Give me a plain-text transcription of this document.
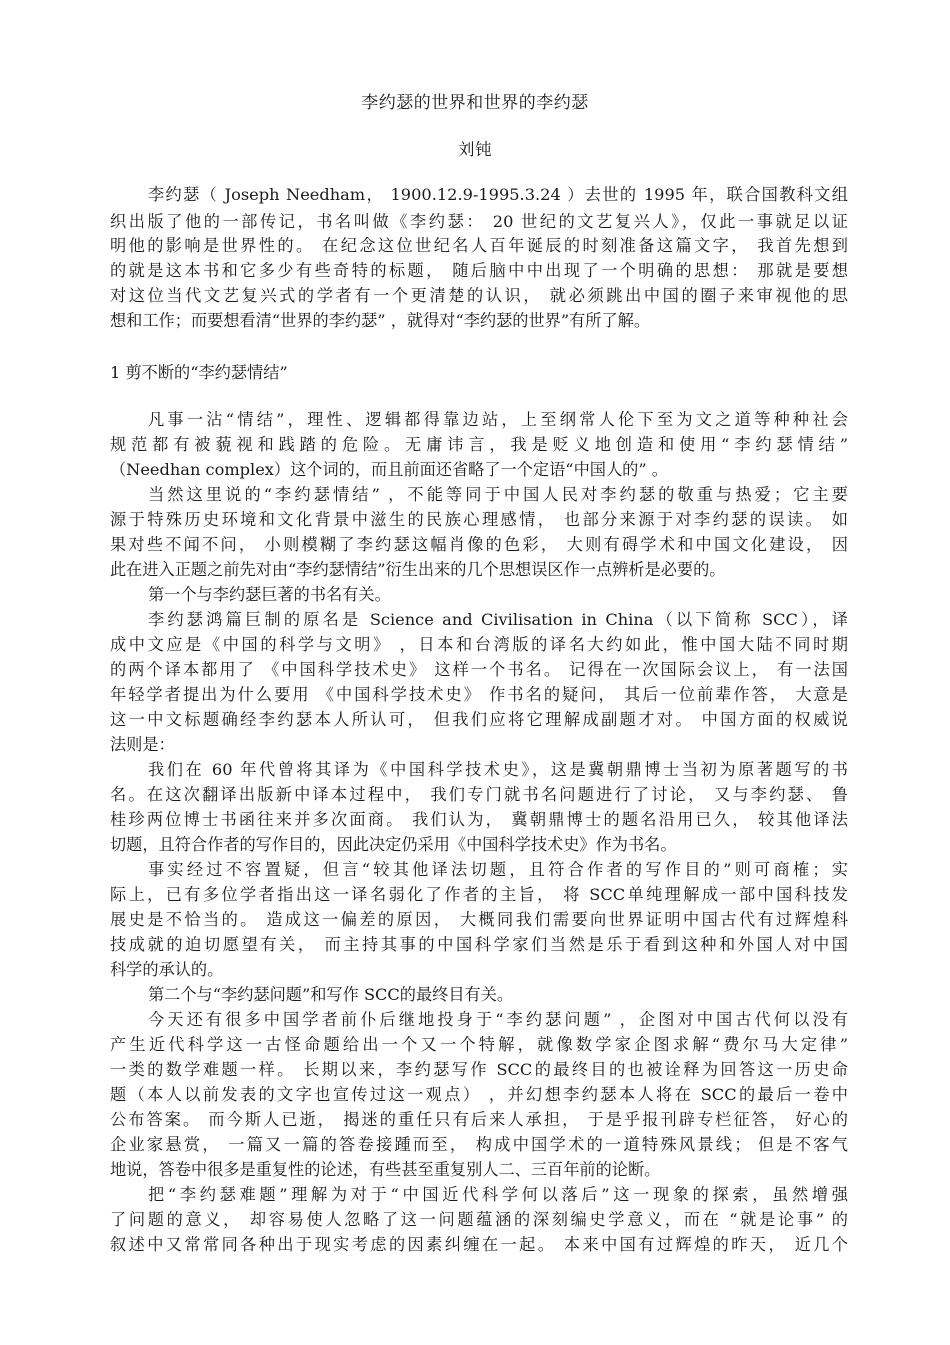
李约瑟的世界和世界的李约瑟
刘钝
李约瑟（ Joseph Needham， 1900.12.9-1995.3.24 ）去世的 1995 年，联合国教科文组
织出版了他的一部传记，书名叫做《李约瑟： 20 世纪的文艺复兴人》，仅此一事就足以证
明他的影响是世界性的。 在纪念这位世纪名人百年诞辰的时刻准备这篇文字， 我首先想到
的就是这本书和它多少有些奇特的标题， 随后脑中中出现了一个明确的思想： 那就是要想
对这位当代文艺复兴式的学者有一个更清楚的认识， 就必须跳出中国的圈子来审视他的思
想和工作；而要想看清“世界的李约瑟” ，就得对“李约瑟的世界”有所了解。
1 剪不断的“李约瑟情结”
凡事一沾“情结”，理性、逻辑都得靠边站，上至纲常人伦下至为文之道等种种社会
规范都有被藐视和践踏的危险。无庸讳言，我是贬义地创造和使用“李约瑟情结”
（Needhan complex）这个词的，而且前面还省略了一个定语“中国人的” 。
当然这里说的“李约瑟情结” ，不能等同于中国人民对李约瑟的敬重与热爱；它主要
源于特殊历史环境和文化背景中滋生的民族心理感情， 也部分来源于对李约瑟的误读。 如
果对些不闻不问， 小则模糊了李约瑟这幅肖像的色彩， 大则有碍学术和中国文化建设， 因
此在进入正题之前先对由“李约瑟情结”衍生出来的几个思想误区作一点辨析是必要的。
第一个与李约瑟巨著的书名有关。
李约瑟鸿篇巨制的原名是 Science and Civilisation in China（以下简称 SCC），译
成中文应是《中国的科学与文明》 ，日本和台湾版的译名大约如此，惟中国大陆不同时期
的两个译本都用了 《中国科学技术史》 这样一个书名。 记得在一次国际会议上， 有一法国
年轻学者提出为什么要用 《中国科学技术史》 作书名的疑问， 其后一位前辈作答， 大意是
这一中文标题确经李约瑟本人所认可， 但我们应将它理解成副题才对。 中国方面的权威说
法则是：
我们在 60 年代曾将其译为《中国科学技术史》，这是冀朝鼎博士当初为原著题写的书
名。在这次翻译出版新中译本过程中， 我们专门就书名问题进行了讨论， 又与李约瑟、 鲁
桂珍两位博士书函往来并多次面商。 我们认为， 冀朝鼎博士的题名沿用已久， 较其他译法
切题，且符合作者的写作目的，因此决定仍采用《中国科学技术史》作为书名。
事实经过不容置疑，但言“较其他译法切题，且符合作者的写作目的”则可商榷；实
际上，已有多位学者指出这一译名弱化了作者的主旨， 将 SCC单纯理解成一部中国科技发
展史是不恰当的。 造成这一偏差的原因， 大概同我们需要向世界证明中国古代有过辉煌科
技成就的迫切愿望有关， 而主持其事的中国科学家们当然是乐于看到这种和外国人对中国
科学的承认的。
第二个与“李约瑟问题”和写作 SCC的最终目有关。
今天还有很多中国学者前仆后继地投身于“李约瑟问题” ，企图对中国古代何以没有
产生近代科学这一古怪命题给出一个又一个特解，就像数学家企图求解“费尔马大定律”
一类的数学难题一样。 长期以来，李约瑟写作 SCC的最终目的也被诠释为回答这一历史命
题（本人以前发表的文字也宣传过这一观点） ，并幻想李约瑟本人将在 SCC的最后一卷中
公布答案。 而今斯人已逝， 揭迷的重任只有后来人承担， 于是乎报刊辟专栏征答， 好心的
企业家悬赏， 一篇又一篇的答卷接踵而至， 构成中国学术的一道特殊风景线； 但是不客气
地说，答卷中很多是重复性的论述，有些甚至重复别人二、三百年前的论断。
把“李约瑟难题”理解为对于“中国近代科学何以落后”这一现象的探索，虽然增强
了问题的意义， 却容易使人忽略了这一问题蕴涵的深刻编史学意义，而在 “就是论事” 的
叙述中又常常同各种出于现实考虑的因素纠缠在一起。 本来中国有过辉煌的昨天， 近几个
